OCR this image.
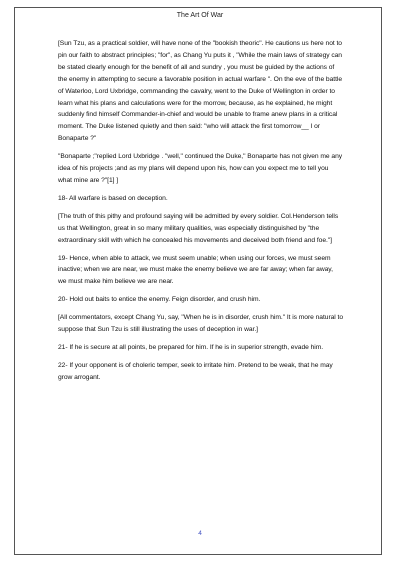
The Art Of War

[Sun Tzu, as a practical soldier, will have none of the "bookish theoric". He cautions us here not to pin our faith to abstract principles; "for", as Chang Yu puts it , "While the main laws of strategy can be stated clearly enough for the benefit of all and sundry , you must be guided by the actions of the enemy in attempting to secure a favorable position in actual warfare ". On the eve of the battle of Waterloo, Lord Uxbridge, commanding the cavalry, went to the Duke of Wellington in order to learn what his plans and calculations were for the morrow, because, as he explained, he might suddenly find himself Commander-in-chief and would be unable to frame anew plans in a critical moment. The Duke listened quietly and then said: "who will attack the first tomorrow__ I or Bonaparte ?"

"Bonaparte ;"replied Lord Uxbridge . "well," continued the Duke," Bonaparte has not given me any idea of his projects ;and as my plans will depend upon his, how can you expect me to tell you what mine are ?"[1] ]

18- All warfare is based on deception.

[The truth of this pithy and profound saying will be admitted by every soldier. Col.Henderson tells us that Wellington, great in so many military qualities, was especially distinguished by "the extraordinary skill with which he concealed his movements and deceived both friend and foe."]

19- Hence, when able to attack, we must seem unable; when using our forces, we must seem inactive; when we are near, we must make the enemy believe we are far away; when far away, we must make him believe we are near.

20- Hold out baits to entice the enemy. Feign disorder, and crush him.

[All commentators, except Chang Yu, say, "When he is in disorder, crush him." It is more natural to suppose that Sun Tzu is still illustrating the uses of deception in war.]

21- If he is secure at all points, be prepared for him. If he is in superior strength, evade him.

22- If your opponent is of choleric temper, seek to irritate him. Pretend to be weak, that he may grow arrogant.

4
